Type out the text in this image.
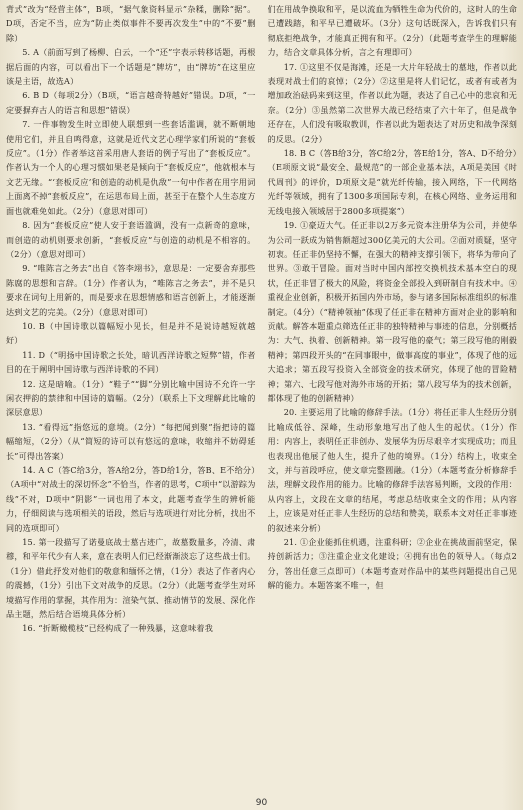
背式”改为“经营主体”，B项，“据气象资料显示”杂糅，删除“据”。D项，否定不当，应为“防止类似事件不要再次发生”中的“不要”删除）

5. A（前面写到了杨柳、白云，一个“还”字表示转移话题，再根据后面的内容，可以看出下一个话题是“牌坊”，由“牌坊”在这里应该是主语，故选A）

6. B D（每项2分）（B项，“语言越奇特越好”错误。D项，“一定要摒弃古人的语言和思想”错误）

7. 一件事物发生时立即使人联想到一些套话滥调，就不断朝地使用它们，并且自鸣得意，这就是近代文艺心理学家们所说的“套板反应”。（1分）作者举这首采用唐人套语的例子写出了“套板反应”。作者认为一个人的心理习惯如果老是倾向于“套板反应”，他就根本与文艺无缘。“‘套板反应’和创造的动机是仇敌”一句中作者在用字用词上面离不掉“套板反应”，在运思布局上面，甚至于在整个人生态度方面也就难免如此。（2分）（意思对即可）

8. 因为“套板反应”使人安于套语滥调，没有一点新奇的意味，而创造的动机则要求创新，“套板反应”与创造的动机是不相容的。（2分）（意思对即可）

9. “唯陈言之务去”出自《答李翊书》，意思是：一定要舍弃那些陈腐的思想和言辞。（1分）作者认为，“唯陈言之务去”，并不是只要求在词句上用新的，而是要求在思想情感和语言创新上，才能逐渐达到文艺的完美。（2分）（意思对即可）

10. B（中国诗歌以篇幅短小见长，但是并不是说诗越短就越好）

11. D（“明扬中国诗歌之长处，暗讥西洋诗歌之短弊”错，作者目的在于阐明中国诗歌与西洋诗歌的不同）

12. 这是暗喻。（1分）“鞋子”“脚”分别比喻中国诗不允许一字闲衣押韵的禁律和中国诗的篇幅。（2分）（联系上下文理解此比喻的深层意思）

13. “看得远”指悠远的意境。（2分）“每把闻到聚”指把诗的篇幅缩短，（2分）（从“简短的诗可以有悠远的意味，收缩并不妨碍延长”可得出答案）

14. A C（答C给3分，答A给2分，答D给1分，答B、E不给分）（A项中“对战士的深切怀念”不恰当，作者的思考，C项中“以游踪为线”不对，D项中“阴影”一词也用了本文，此题考查学生的辨析能力，仔细阅读与选项相关的语段，然后与选项进行对比分析，找出不同的选项即可）

15. 第一段描写了诺曼底战士墓古迹广，故墓数量多，冷清、肃穆，和平年代少有人来，意在表明人们已经渐渐淡忘了这些战士们。（1分）借此抒发对他们的敬意和缅怀之情，（1分）表达了作者内心的震撼，（1分）引出下文对战争的反思。（2分）（此题考查学生对环境描写作用的掌握，其作用为：渲染气氛、推动情节的发展、深化作品主题，然后结合语境具体分析）

16. “折断橄榄枝”已经构成了一种残暴，这意味着我

们在用战争换取和平，是以流血为牺牲生命为代价的，这时人的生命已遭践踏，和平早已遭破坏。（3分）这句话既深入，告诉我们只有彻底拒绝战争，才能真正拥有和平。（2分）（此题考查学生的理解能力，结合文章具体分析，言之有理即可）

17. ①这里不仅是海滩，还是一大片年轻战士的墓地，作者以此表现对战士们的哀悼；（2分）②这里是将人们记忆，或者有或者为增加政治砝码来到这里，作者以此为题，表达了自己心中的悲哀和无奈。（2分）③虽然第二次世界大战已经结束了六十年了，但是战争还存在，人们没有吸取教训，作者以此为题表达了对历史和战争深刻的反思。（2分）

18. B C（答B给3分，答C给2分，答E给1分，答A、D不给分）（E项原文说“最安全、最规范”的一部企业基本法，A项是美国《时代周刊》的评价，D项原文是“就光纤传输，接入网络，下一代网络光纤等领域，拥有了1300多项国际专利，在核心网络、业务运用和无线电接入领域居于2800多项提案”）

19. ①豪迈大气。任正非以2万多元资本注册华为公司，并使华为公司一跃成为销售额超过300亿美元的大公司。②面对质疑，坚守初衷。任正非仍坚持不懈，在强大的精神支撑引领下，将华为带向了世界。③敢于冒险。面对当时中国内部控交换机技术基本空白的现状，任正非冒了极大的风险，将资金全部投入到研制自有技术中。④重视企业创新，积极开拓国内外市场，参与诸多国际标准组织的标准制定。（4分）（“精神领袖”体现了任正非在精神方面对企业的影响和贡献。解答本题重点筛选任正非的独特精神与事迹的信息，分别概括为：大气、执着、创新精神。第一段写他的豪气；第三段写他的刚毅精神；第四段开头的“在同事眼中，做事高度的事业”，体现了他的远大追求；第五段写投资入全部资金的技术研究，体现了他的冒险精神；第六、七段写他对海外市场的开拓；第八段写华为的技术创新，都体现了他的创新精神）

20. 主要运用了比喻的修辞手法。（1分）将任正非人生经历分别比喻成低谷、深峰，生动形象地写出了他人生的起伏。（1分）作用：内容上，表明任正非创办、发展华为历尽艰辛才实现成功；而且也表现出他展了他人生，提升了他的境界。（1分）结构上，收束全文，并与首段呼应，使文章完整圆融。（1分）（本题考查分析修辞手法，理解文段作用的能力。比喻的修辞手法容易判断，文段的作用：从内容上，文段在文章的结尾，考虑总结收束全文的作用；从内容上，应该是对任正非人生经历的总结和赞美，联系本文对任正非事迹的叙述来分析）

21. ①企业能抓住机遇，注重科研；②企业在挑战面前坚定，保持创新活力；③注重企业文化建设；④拥有出色的领导人。（每点2分，答出任意三点即可）（本题考查对作品中的某些问题提出自己见解的能力。本题答案不唯一，但

90
